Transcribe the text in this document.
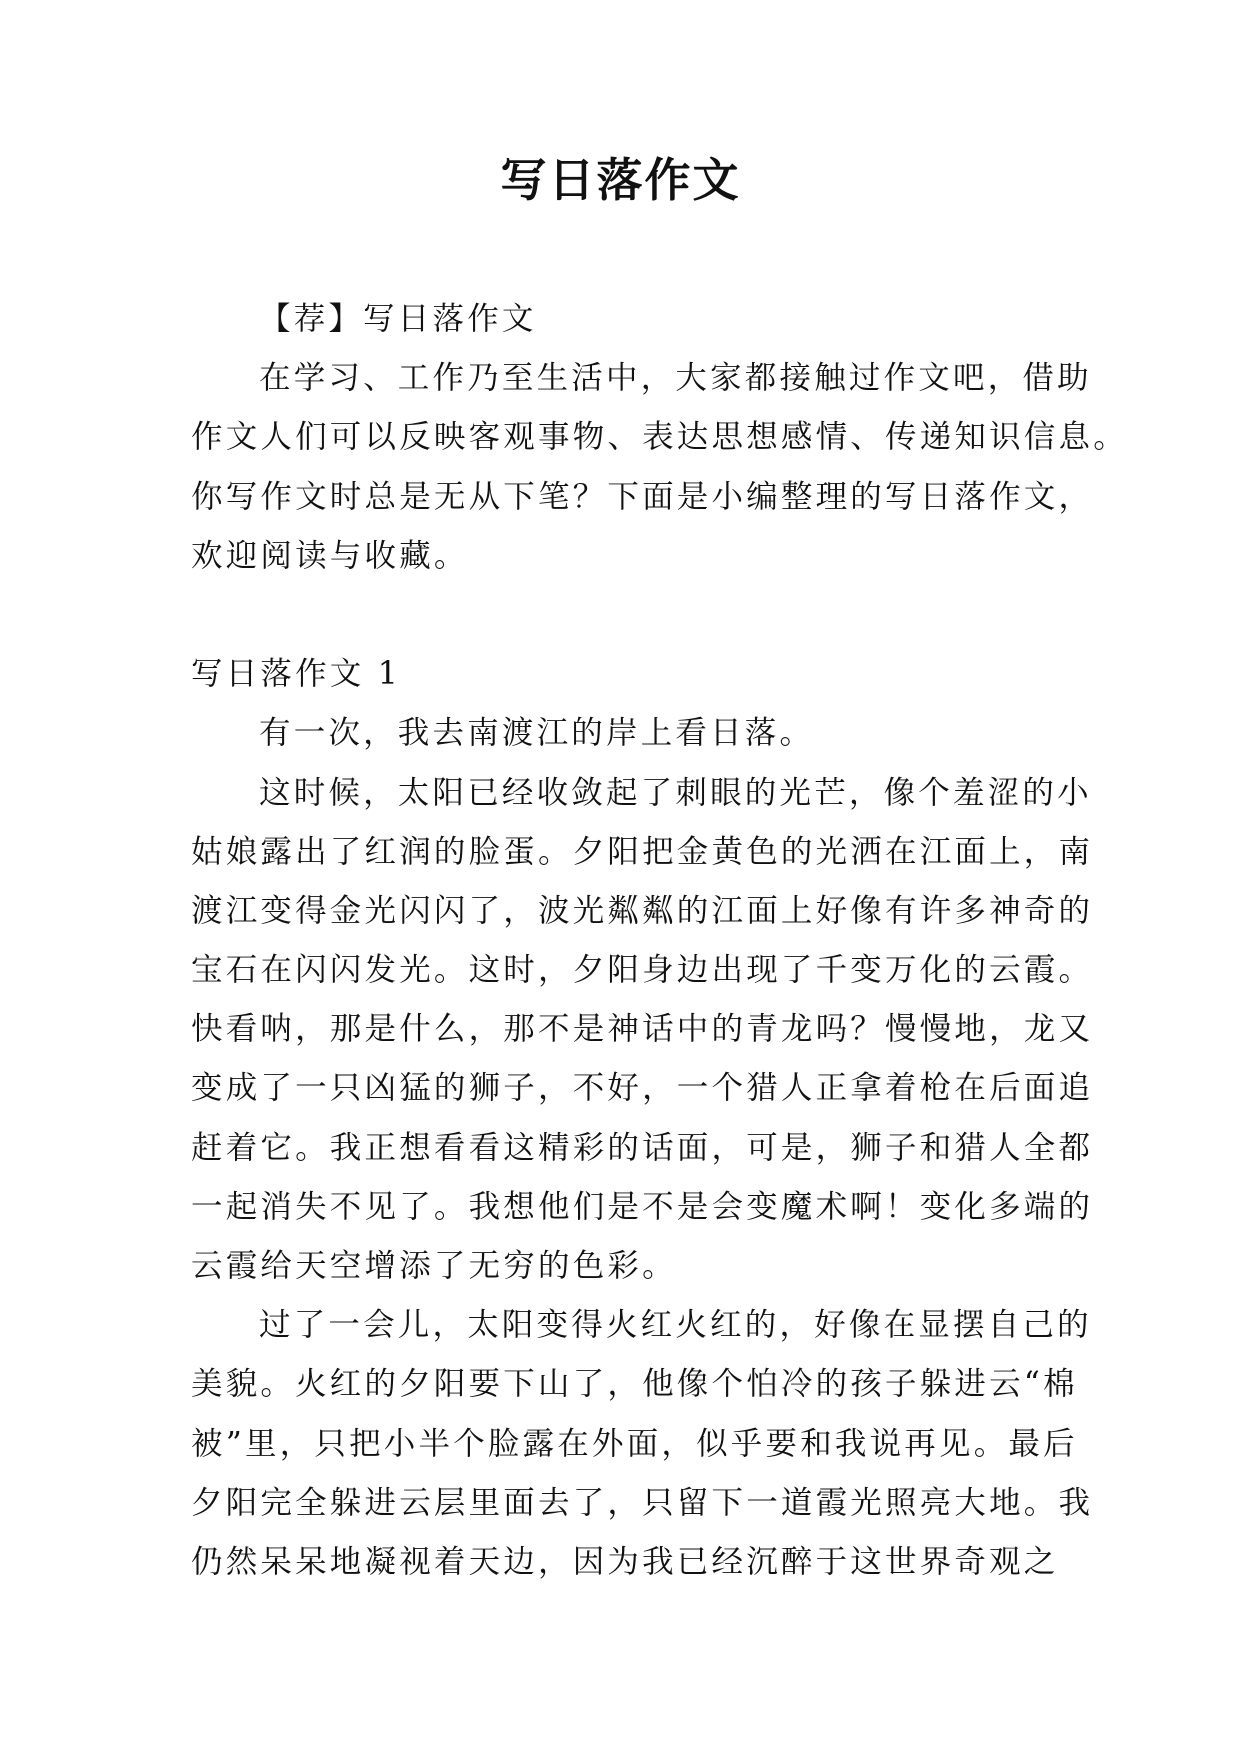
写日落作文
【荐】写日落作文
在学习、工作乃至生活中，大家都接触过作文吧，借助
作文人们可以反映客观事物、表达思想感情、传递知识信息。
你写作文时总是无从下笔？下面是小编整理的写日落作文，
欢迎阅读与收藏。
写日落作文 1
有一次，我去南渡江的岸上看日落。
这时候，太阳已经收敛起了刺眼的光芒，像个羞涩的小
姑娘露出了红润的脸蛋。夕阳把金黄色的光洒在江面上，南
渡江变得金光闪闪了，波光粼粼的江面上好像有许多神奇的
宝石在闪闪发光。这时，夕阳身边出现了千变万化的云霞。
快看呐，那是什么，那不是神话中的青龙吗？慢慢地，龙又
变成了一只凶猛的狮子，不好，一个猎人正拿着枪在后面追
赶着它。我正想看看这精彩的话面，可是，狮子和猎人全都
一起消失不见了。我想他们是不是会变魔术啊！变化多端的
云霞给天空增添了无穷的色彩。
过了一会儿，太阳变得火红火红的，好像在显摆自己的
美貌。火红的夕阳要下山了，他像个怕冷的孩子躲进云“棉
被”里，只把小半个脸露在外面，似乎要和我说再见。最后
夕阳完全躲进云层里面去了，只留下一道霞光照亮大地。我
仍然呆呆地凝视着天边，因为我已经沉醉于这世界奇观之
